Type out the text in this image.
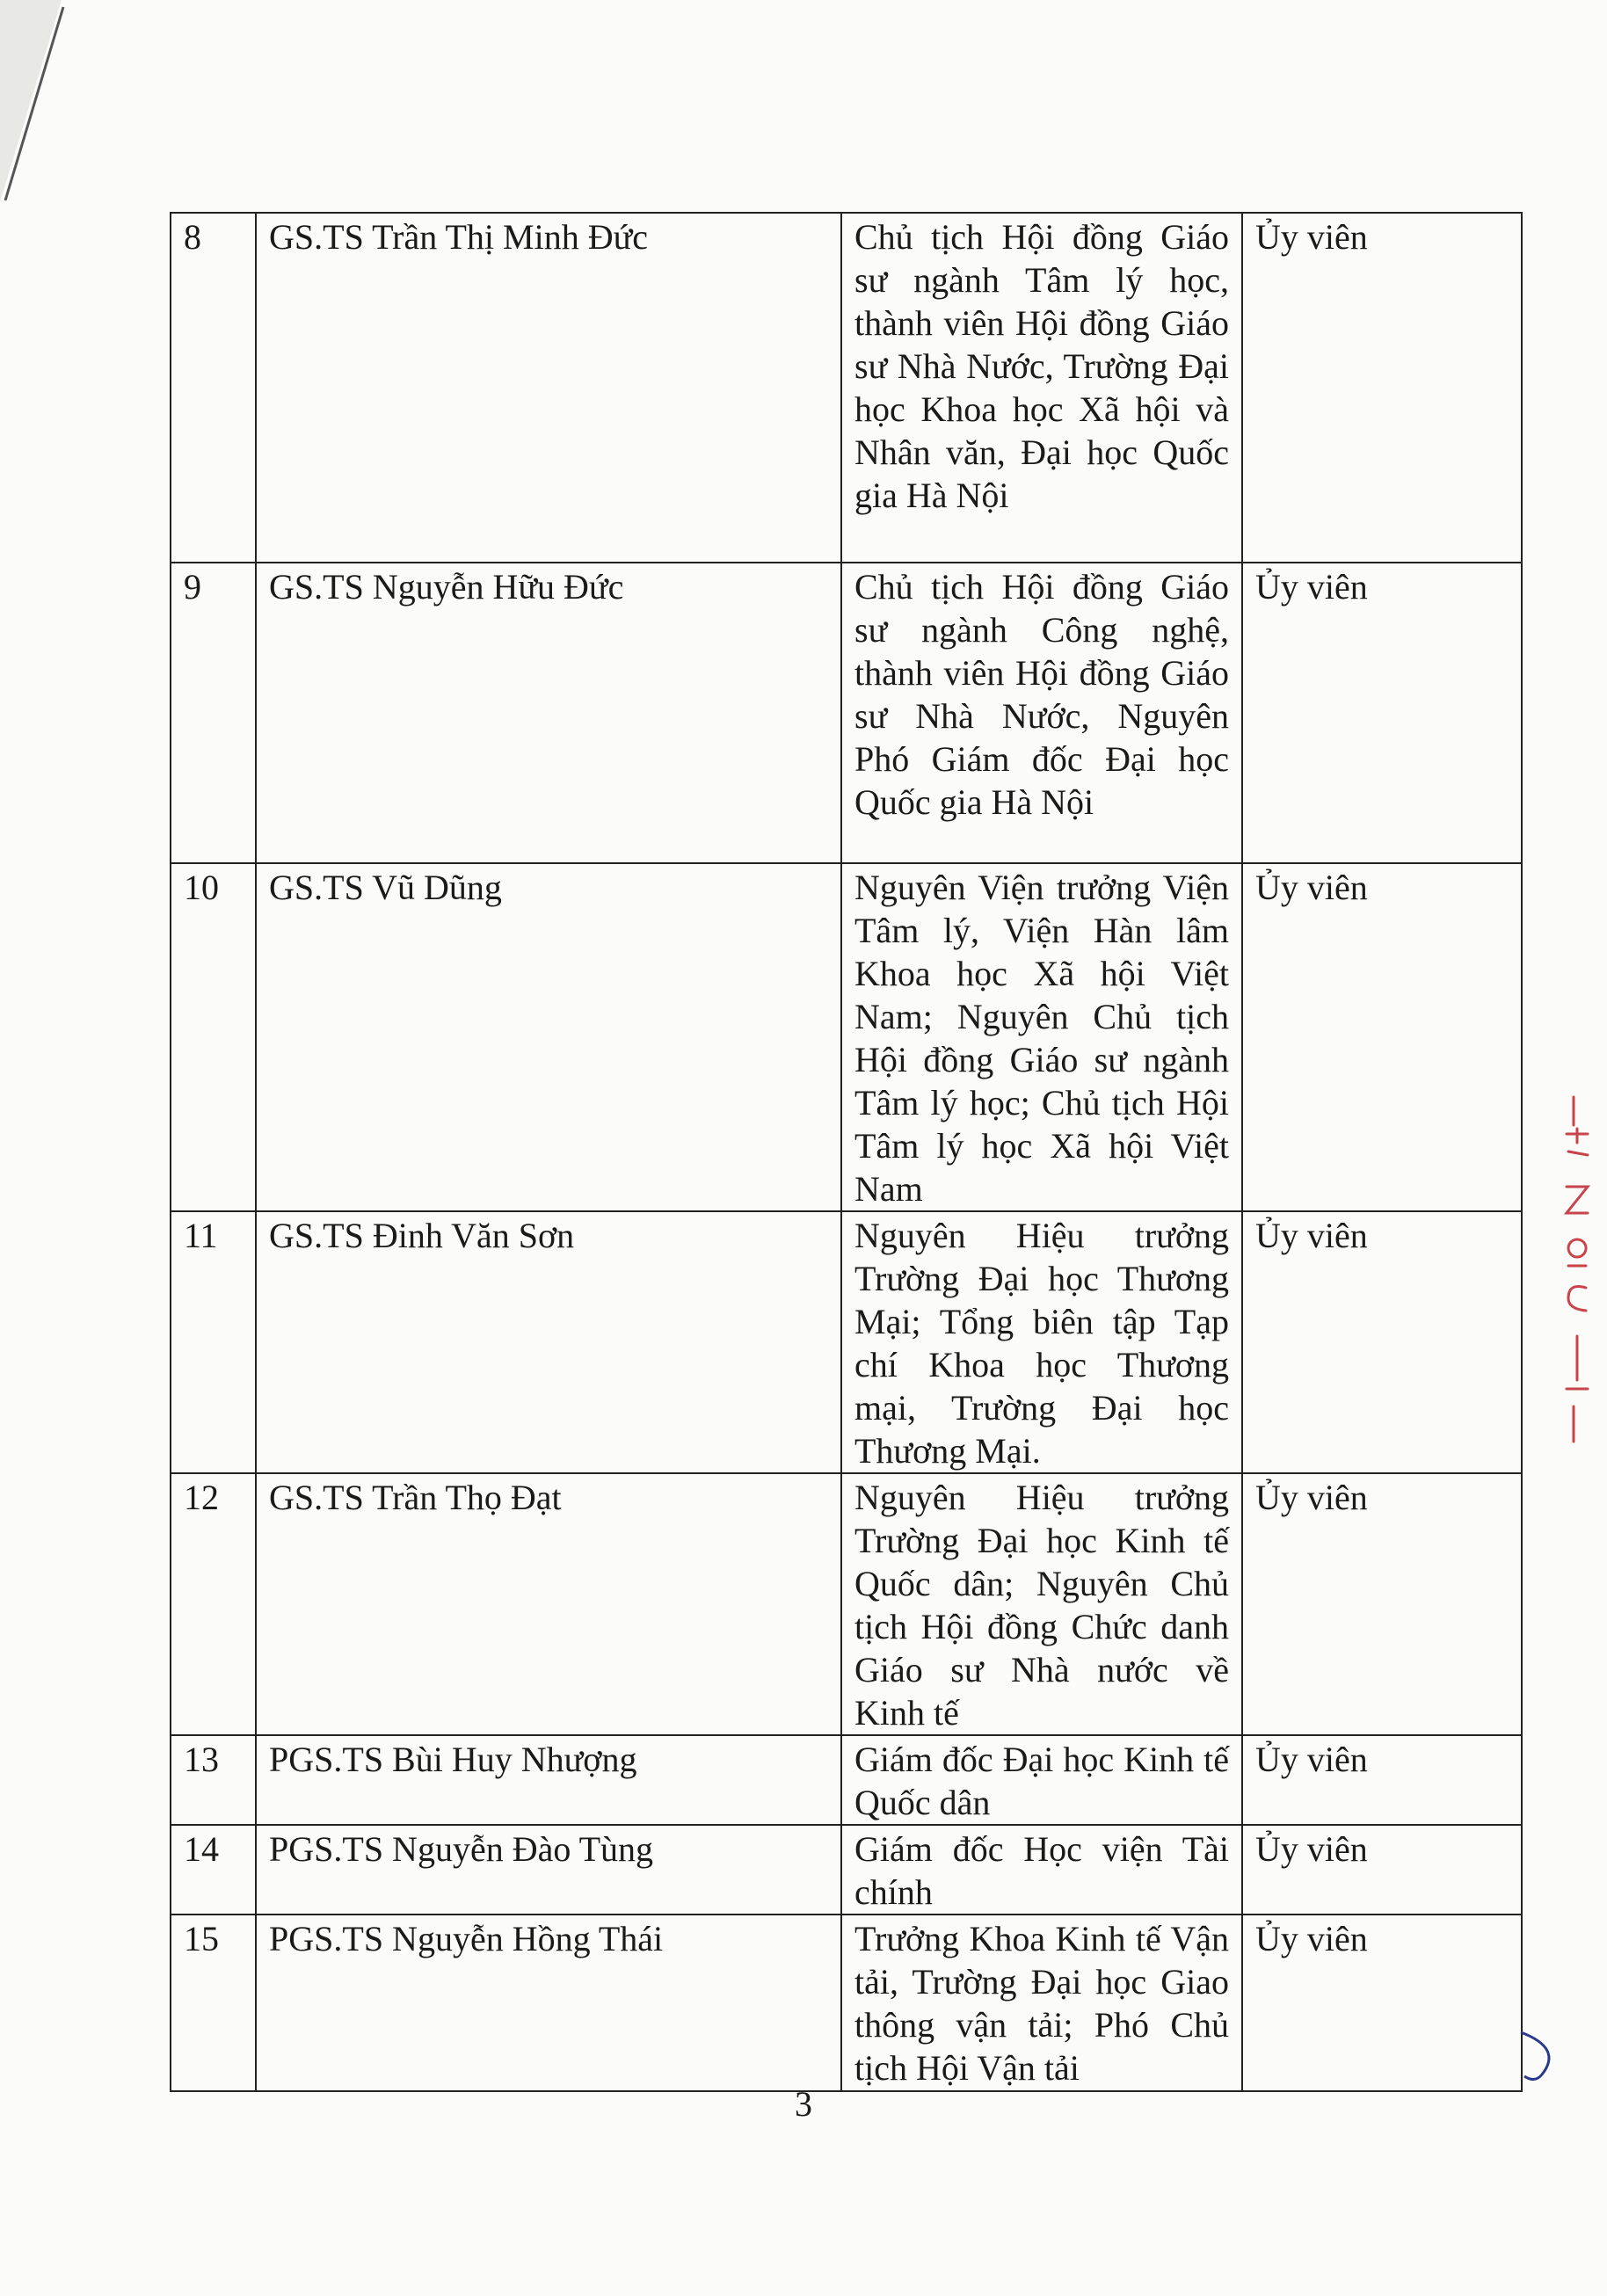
8	GS.TS Trần Thị Minh Đức	Chủ tịch Hội đồng Giáo sư ngành Tâm lý học, thành viên Hội đồng Giáo sư Nhà Nước, Trường Đại học Khoa học Xã hội và Nhân văn, Đại học Quốc gia Hà Nội	Ủy viên
9	GS.TS Nguyễn Hữu Đức	Chủ tịch Hội đồng Giáo sư ngành Công nghệ, thành viên Hội đồng Giáo sư Nhà Nước, Nguyên Phó Giám đốc Đại học Quốc gia Hà Nội	Ủy viên
10	GS.TS Vũ Dũng	Nguyên Viện trưởng Viện Tâm lý, Viện Hàn lâm Khoa học Xã hội Việt Nam; Nguyên Chủ tịch Hội đồng Giáo sư ngành Tâm lý học; Chủ tịch Hội Tâm lý học Xã hội Việt Nam	Ủy viên
11	GS.TS Đinh Văn Sơn	Nguyên Hiệu trưởng Trường Đại học Thương Mại; Tổng biên tập Tạp chí Khoa học Thương mại, Trường Đại học Thương Mại.	Ủy viên
12	GS.TS Trần Thọ Đạt	Nguyên Hiệu trưởng Trường Đại học Kinh tế Quốc dân; Nguyên Chủ tịch Hội đồng Chức danh Giáo sư Nhà nước về Kinh tế	Ủy viên
13	PGS.TS Bùi Huy Nhượng	Giám đốc Đại học Kinh tế Quốc dân	Ủy viên
14	PGS.TS Nguyễn Đào Tùng	Giám đốc Học viện Tài chính	Ủy viên
15	PGS.TS Nguyễn Hồng Thái	Trưởng Khoa Kinh tế Vận tải, Trường Đại học Giao thông vận tải; Phó Chủ tịch Hội Vận tải	Ủy viên
3
